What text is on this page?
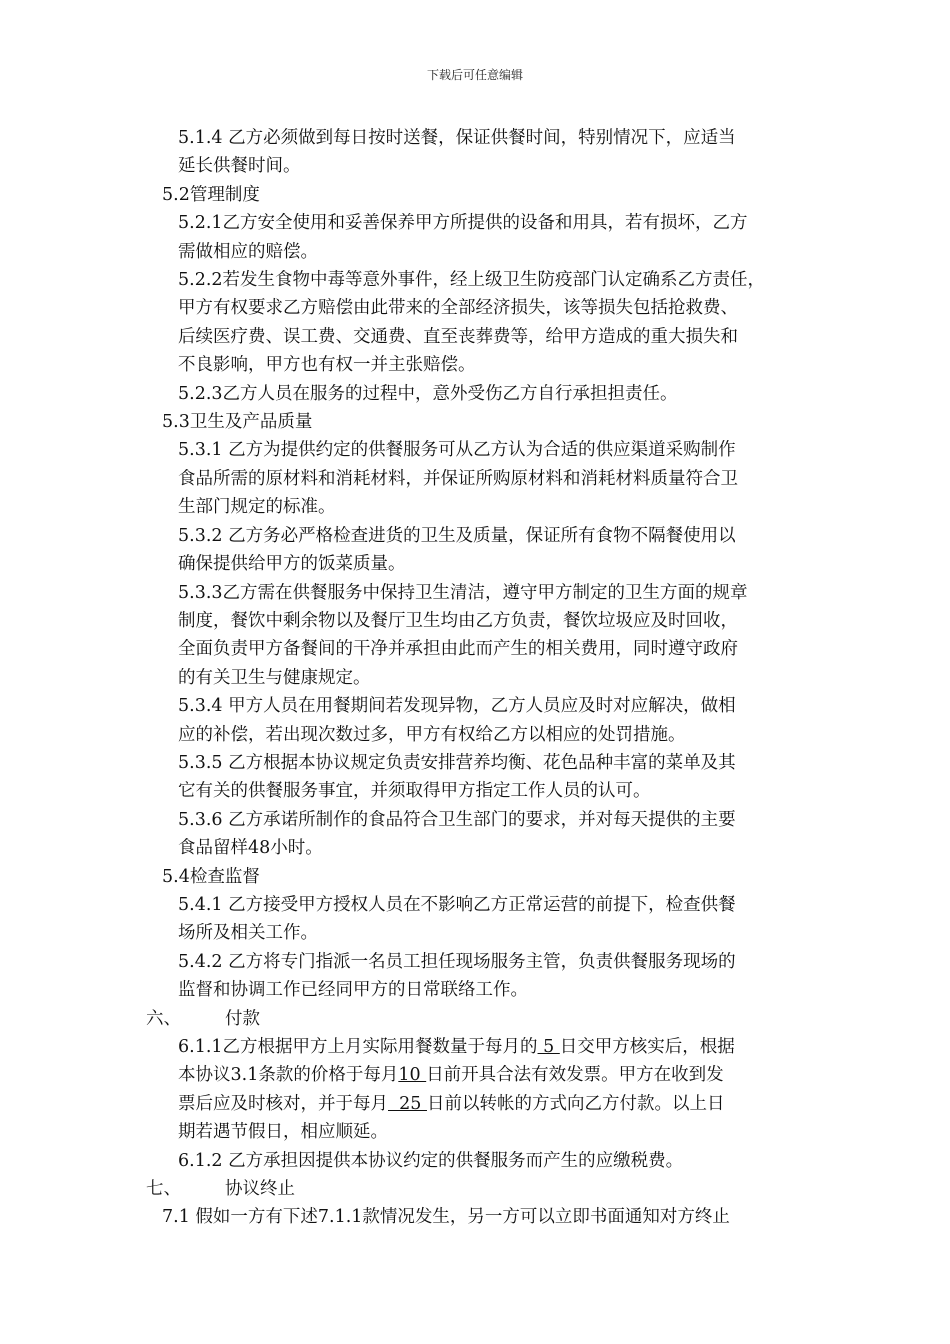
下载后可任意编辑
5.1.4 乙方必须做到每日按时送餐，保证供餐时间，特别情况下，应适当
延长供餐时间。
5.2管理制度
5.2.1乙方安全使用和妥善保养甲方所提供的设备和用具，若有损坏，乙方
需做相应的赔偿。
5.2.2若发生食物中毒等意外事件，经上级卫生防疫部门认定确系乙方责任，
甲方有权要求乙方赔偿由此带来的全部经济损失，该等损失包括抢救费、
后续医疗费、误工费、交通费、直至丧葬费等，给甲方造成的重大损失和
不良影响，甲方也有权一并主张赔偿。
5.2.3乙方人员在服务的过程中，意外受伤乙方自行承担担责任。
5.3卫生及产品质量
5.3.1 乙方为提供约定的供餐服务可从乙方认为合适的供应渠道采购制作
食品所需的原材料和消耗材料，并保证所购原材料和消耗材料质量符合卫
生部门规定的标准。
5.3.2 乙方务必严格检查进货的卫生及质量，保证所有食物不隔餐使用以
确保提供给甲方的饭菜质量。
5.3.3乙方需在供餐服务中保持卫生清洁，遵守甲方制定的卫生方面的规章
制度，餐饮中剩余物以及餐厅卫生均由乙方负责，餐饮垃圾应及时回收，
全面负责甲方备餐间的干净并承担由此而产生的相关费用，同时遵守政府
的有关卫生与健康规定。
5.3.4 甲方人员在用餐期间若发现异物，乙方人员应及时对应解决，做相
应的补偿，若出现次数过多，甲方有权给乙方以相应的处罚措施。
5.3.5 乙方根据本协议规定负责安排营养均衡、花色品种丰富的菜单及其
它有关的供餐服务事宜，并须取得甲方指定工作人员的认可。
5.3.6 乙方承诺所制作的食品符合卫生部门的要求，并对每天提供的主要
食品留样48小时。
5.4检查监督
5.4.1 乙方接受甲方授权人员在不影响乙方正常运营的前提下，检查供餐
场所及相关工作。
5.4.2 乙方将专门指派一名员工担任现场服务主管，负责供餐服务现场的
监督和协调工作已经同甲方的日常联络工作。
六、	付款
6.1.1乙方根据甲方上月实际用餐数量于每月的 5 日交甲方核实后，根据
本协议3.1条款的价格于每月10 日前开具合法有效发票。甲方在收到发
票后应及时核对，并于每月  25 日前以转帐的方式向乙方付款。以上日
期若遇节假日，相应顺延。
6.1.2 乙方承担因提供本协议约定的供餐服务而产生的应缴税费。
七、	协议终止
7.1 假如一方有下述7.1.1款情况发生，另一方可以立即书面通知对方终止
